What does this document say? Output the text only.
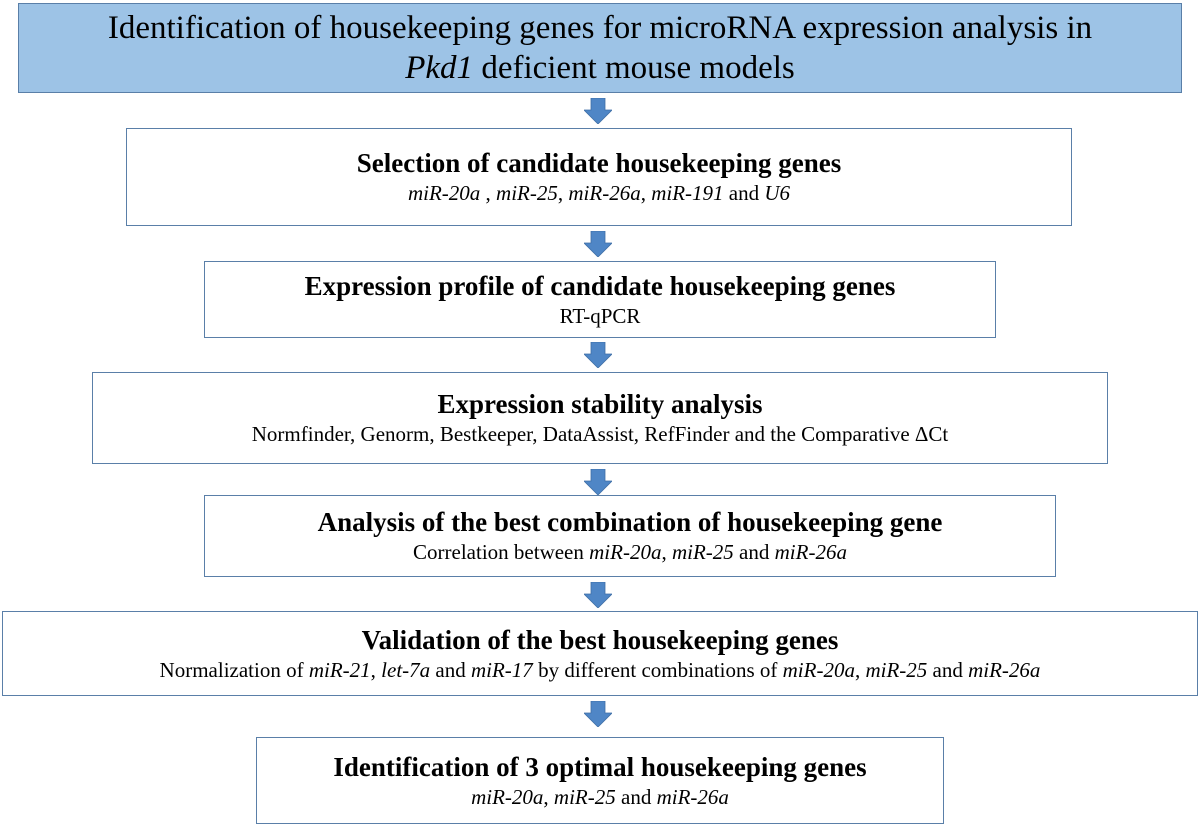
Identification of housekeeping genes for microRNA expression analysis in
Pkd1 deficient mouse models
Selection of candidate housekeeping genes
miR-20a , miR-25, miR-26a, miR-191 and U6
Expression profile of candidate housekeeping genes
RT-qPCR
Expression stability analysis
Normfinder, Genorm, Bestkeeper, DataAssist, RefFinder and the Comparative ΔCt
Analysis of the best combination of housekeeping gene
Correlation between miR-20a, miR-25 and miR-26a
Validation of the best housekeeping genes
Normalization of miR-21, let-7a and miR-17 by different combinations of miR-20a, miR-25 and miR-26a
Identification of 3 optimal housekeeping genes
miR-20a, miR-25 and miR-26a
